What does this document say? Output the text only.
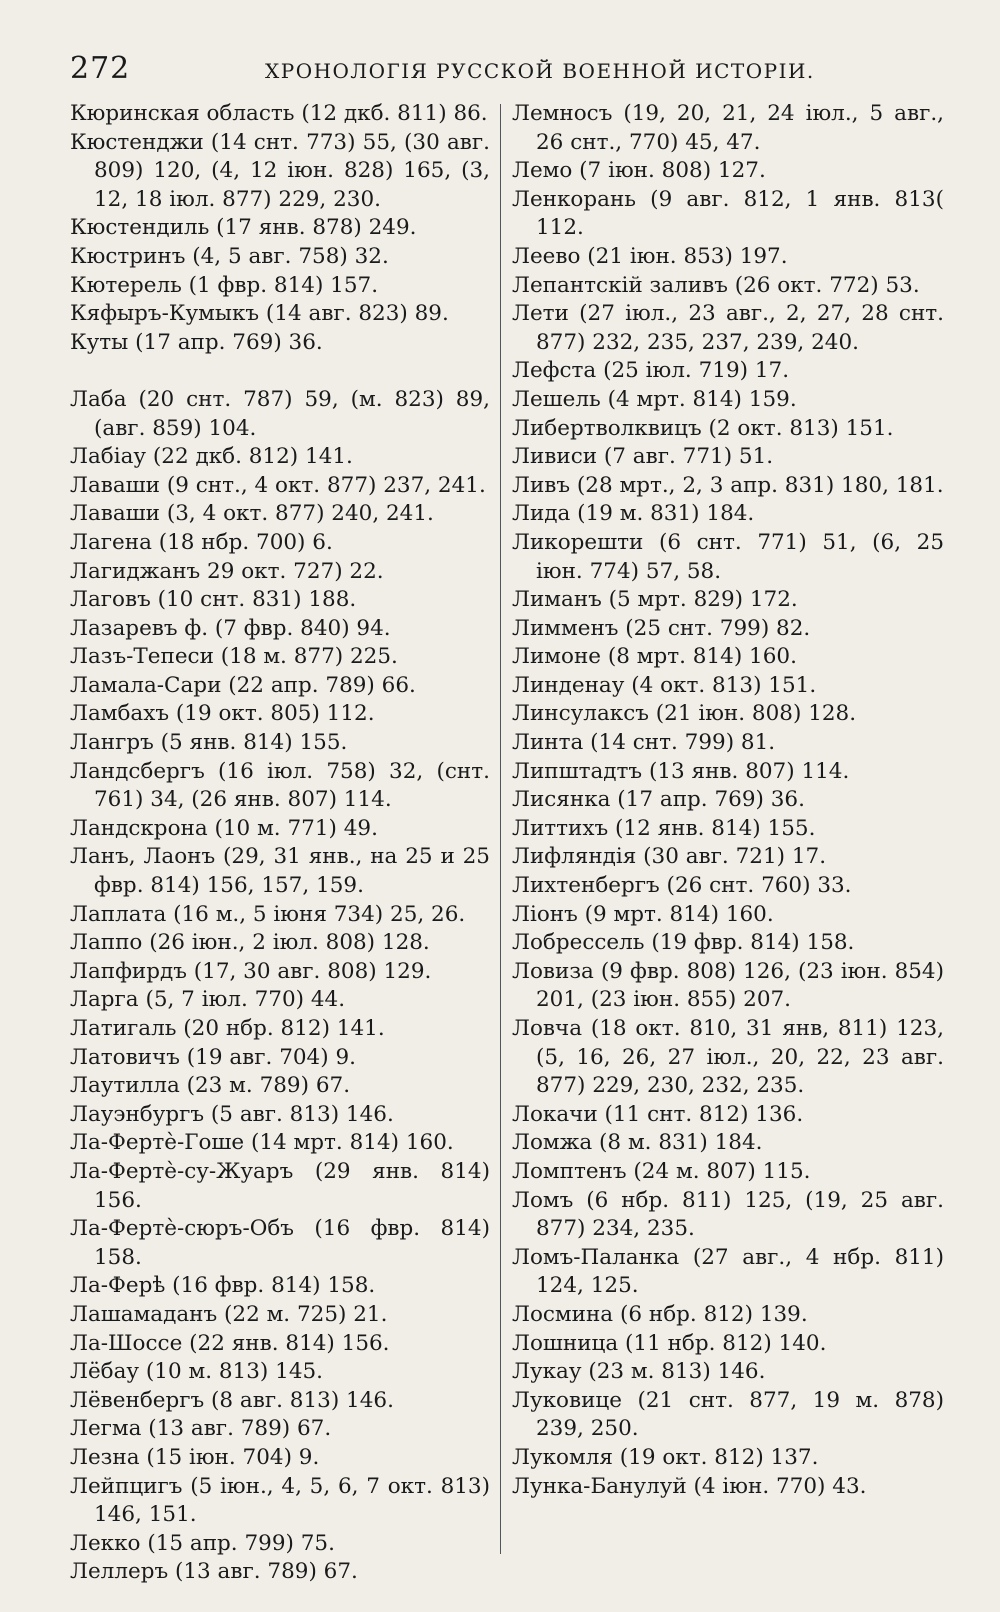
272	ХРОНОЛОГІЯ РУССКОЙ ВОЕННОЙ ИСТОРІИ.
Кюринская область (12 дкб. 811) 86.
Кюстенджи (14 снт. 773) 55, (30 авг. 809) 120, (4, 12 іюн. 828) 165, (3, 12, 18 іюл. 877) 229, 230.
Кюстендиль (17 янв. 878) 249.
Кюстринъ (4, 5 авг. 758) 32.
Кютерель (1 фвр. 814) 157.
Кяфыръ-Кумыкъ (14 авг. 823) 89.
Куты (17 апр. 769) 36.
Лаба (20 снт. 787) 59, (м. 823) 89, (авг. 859) 104.
Лабіау (22 дкб. 812) 141.
Лаваши (9 снт., 4 окт. 877) 237, 241.
Лаваши (3, 4 окт. 877) 240, 241.
Лагена (18 нбр. 700) 6.
Лагиджанъ 29 окт. 727) 22.
Лаговъ (10 снт. 831) 188.
Лазаревъ ф. (7 фвр. 840) 94.
Лазъ-Тепеси (18 м. 877) 225.
Ламала-Сари (22 апр. 789) 66.
Ламбахъ (19 окт. 805) 112.
Лангръ (5 янв. 814) 155.
Ландсбергъ (16 іюл. 758) 32, (снт. 761) 34, (26 янв. 807) 114.
Ландскрона (10 м. 771) 49.
Ланъ, Лаонъ (29, 31 янв., на 25 и 25 фвр. 814) 156, 157, 159.
Лаплата (16 м., 5 іюня 734) 25, 26.
Лаппо (26 іюн., 2 іюл. 808) 128.
Лапфирдъ (17, 30 авг. 808) 129.
Ларга (5, 7 іюл. 770) 44.
Латигаль (20 нбр. 812) 141.
Латовичъ (19 авг. 704) 9.
Лаутилла (23 м. 789) 67.
Лауэнбургъ (5 авг. 813) 146.
Ла-Фертѐ-Гоше (14 мрт. 814) 160.
Ла-Фертѐ-су-Жуаръ (29 янв. 814) 156.
Ла-Фертѐ-сюръ-Объ (16 фвр. 814) 158.
Ла-Ферѣ (16 фвр. 814) 158.
Лашамаданъ (22 м. 725) 21.
Ла-Шоссе (22 янв. 814) 156.
Лёбау (10 м. 813) 145.
Лёвенбергъ (8 авг. 813) 146.
Легма (13 авг. 789) 67.
Лезна (15 іюн. 704) 9.
Лейпцигъ (5 іюн., 4, 5, 6, 7 окт. 813) 146, 151.
Лекко (15 апр. 799) 75.
Леллеръ (13 авг. 789) 67.
Лемносъ (19, 20, 21, 24 іюл., 5 авг., 26 снт., 770) 45, 47.
Лемо (7 іюн. 808) 127.
Ленкорань (9 авг. 812, 1 янв. 813( 112.
Леево (21 іюн. 853) 197.
Лепантскій заливъ (26 окт. 772) 53.
Лети (27 іюл., 23 авг., 2, 27, 28 снт. 877) 232, 235, 237, 239, 240.
Лефста (25 іюл. 719) 17.
Лешель (4 мрт. 814) 159.
Либертволквицъ (2 окт. 813) 151.
Ливиси (7 авг. 771) 51.
Ливъ (28 мрт., 2, 3 апр. 831) 180, 181.
Лида (19 м. 831) 184.
Ликорешти (6 снт. 771) 51, (6, 25 іюн. 774) 57, 58.
Лиманъ (5 мрт. 829) 172.
Лимменъ (25 снт. 799) 82.
Лимоне (8 мрт. 814) 160.
Линденау (4 окт. 813) 151.
Линсулаксъ (21 іюн. 808) 128.
Линта (14 снт. 799) 81.
Липштадтъ (13 янв. 807) 114.
Лисянка (17 апр. 769) 36.
Литтихъ (12 янв. 814) 155.
Лифляндія (30 авг. 721) 17.
Лихтенбергъ (26 снт. 760) 33.
Ліонъ (9 мрт. 814) 160.
Лобрессель (19 фвр. 814) 158.
Ловиза (9 фвр. 808) 126, (23 іюн. 854) 201, (23 іюн. 855) 207.
Ловча (18 окт. 810, 31 янв, 811) 123, (5, 16, 26, 27 іюл., 20, 22, 23 авг. 877) 229, 230, 232, 235.
Локачи (11 снт. 812) 136.
Ломжа (8 м. 831) 184.
Ломптенъ (24 м. 807) 115.
Ломъ (6 нбр. 811) 125, (19, 25 авг. 877) 234, 235.
Ломъ-Паланка (27 авг., 4 нбр. 811) 124, 125.
Лосмина (6 нбр. 812) 139.
Лошница (11 нбр. 812) 140.
Лукау (23 м. 813) 146.
Луковице (21 снт. 877, 19 м. 878) 239, 250.
Лукомля (19 окт. 812) 137.
Лунка-Банулуй (4 іюн. 770) 43.
